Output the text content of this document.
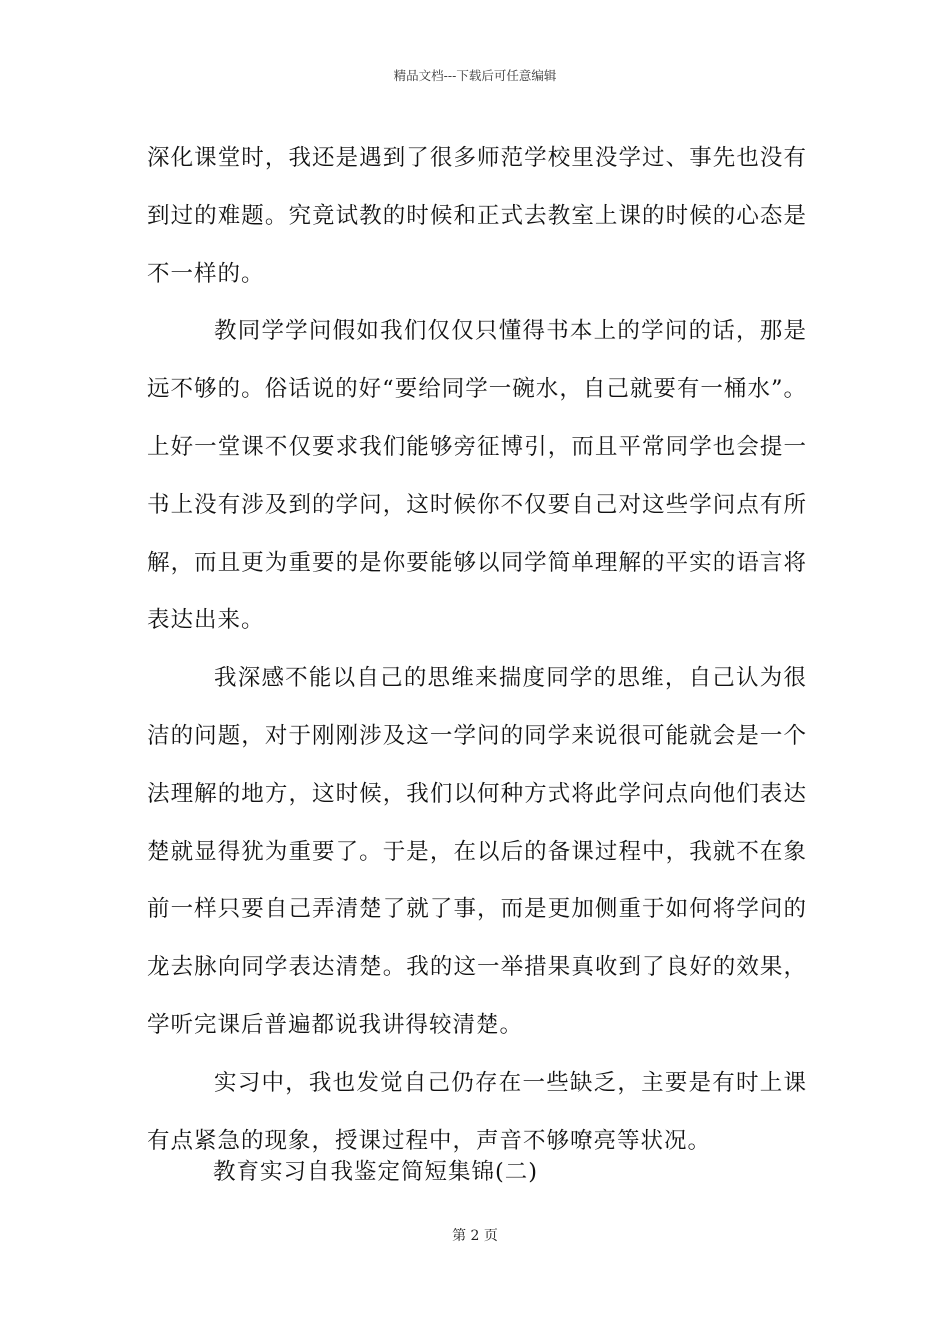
精品文档---下载后可任意编辑
深化课堂时，我还是遇到了很多师范学校里没学过、事先也没有
到过的难题。究竟试教的时候和正式去教室上课的时候的心态是
不一样的。
教同学学问假如我们仅仅只懂得书本上的学问的话，那是
远不够的。俗话说的好“要给同学一碗水，自己就要有一桶水”。
上好一堂课不仅要求我们能够旁征博引，而且平常同学也会提一
书上没有涉及到的学问，这时候你不仅要自己对这些学问点有所
解，而且更为重要的是你要能够以同学简单理解的平实的语言将
表达出来。
我深感不能以自己的思维来揣度同学的思维，自己认为很
洁的问题，对于刚刚涉及这一学问的同学来说很可能就会是一个
法理解的地方，这时候，我们以何种方式将此学问点向他们表达
楚就显得犹为重要了。于是，在以后的备课过程中，我就不在象
前一样只要自己弄清楚了就了事，而是更加侧重于如何将学问的
龙去脉向同学表达清楚。我的这一举措果真收到了良好的效果，
学听完课后普遍都说我讲得较清楚。
实习中，我也发觉自己仍存在一些缺乏，主要是有时上课
有点紧急的现象，授课过程中，声音不够嘹亮等状况。
教育实习自我鉴定简短集锦(二)
第 2 页
